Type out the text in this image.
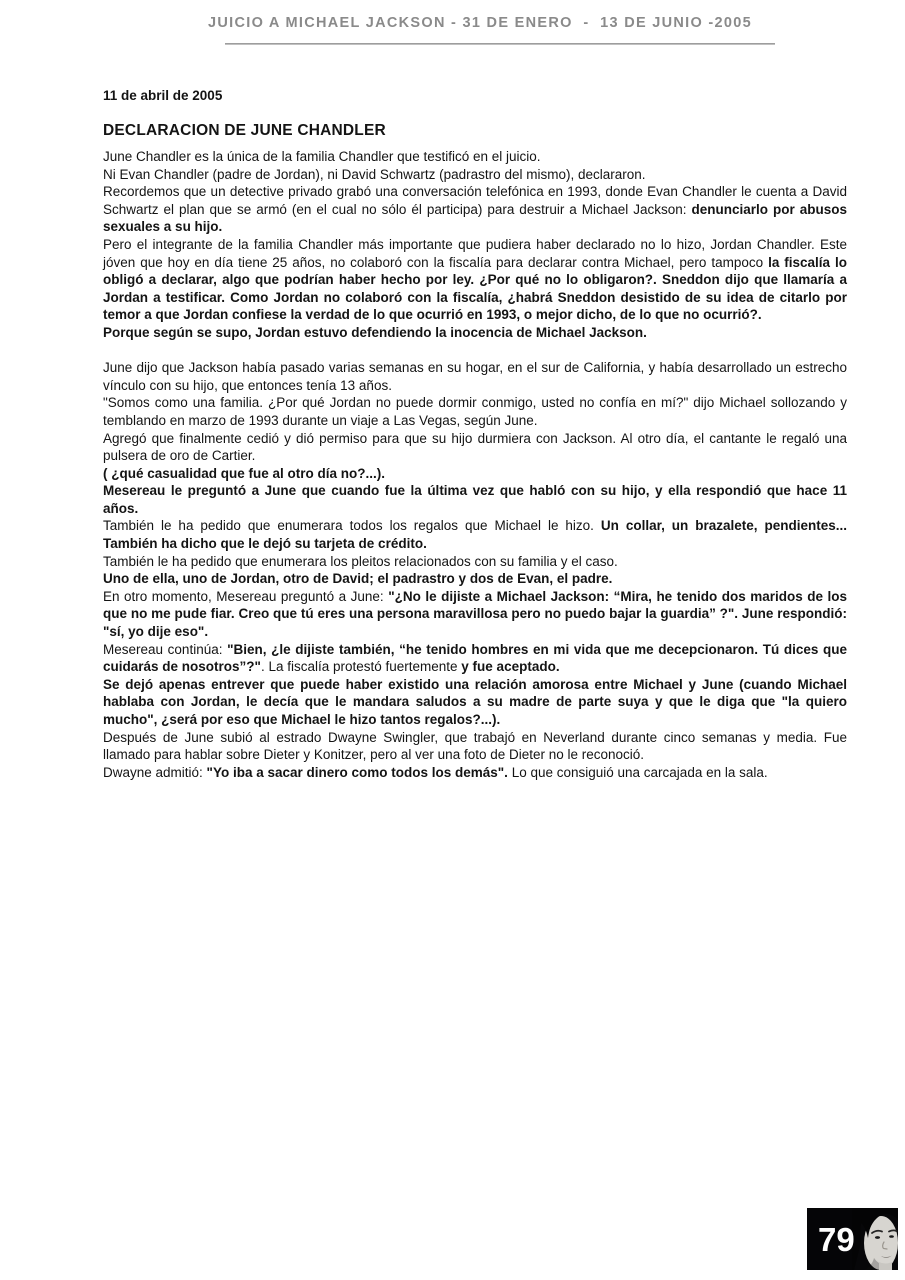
JUICIO A MICHAEL JACKSON - 31 DE ENERO  -  13 DE JUNIO -2005

11 de abril de 2005

DECLARACION DE JUNE CHANDLER

June Chandler es la única de la familia Chandler que testificó en el juicio.

Ni Evan Chandler (padre de Jordan), ni David Schwartz (padrastro del mismo), declararon.

Recordemos que un detective privado grabó una conversación telefónica en 1993, donde Evan Chandler le cuenta a David Schwartz el plan que se armó (en el cual no sólo él participa) para destruir a Michael Jackson: denunciarlo por abusos sexuales a su hijo.

Pero el integrante de la familia Chandler más importante que pudiera haber declarado no lo hizo, Jordan Chandler. Este jóven que hoy en día tiene 25 años, no colaboró con la fiscalía para declarar contra Michael, pero tampoco la fiscalía lo obligó a declarar, algo que podrían haber hecho por ley. ¿Por qué no lo obligaron?. Sneddon dijo que llamaría a Jordan a testificar. Como Jordan no colaboró con la fiscalía, ¿habrá Sneddon desistido de su idea de citarlo por temor a que Jordan confiese la verdad de lo que ocurrió en 1993, o mejor dicho, de lo que no ocurrió?.

Porque según se supo, Jordan estuvo defendiendo la inocencia de Michael Jackson.

June dijo que Jackson había pasado varias semanas en su hogar, en el sur de California, y había desarrollado un estrecho vínculo con su hijo, que entonces tenía 13 años.

"Somos como una familia. ¿Por qué Jordan no puede dormir conmigo, usted no confía en mí?" dijo Michael sollozando y temblando en marzo de 1993 durante un viaje a Las Vegas, según June.

Agregó que finalmente cedió y dió permiso para que su hijo durmiera con Jackson. Al otro día, el cantante le regaló una pulsera de oro de Cartier.

( ¿qué casualidad que fue al otro día no?...).

Mesereau le preguntó a June que cuando fue la última vez que habló con su hijo, y ella respondió que hace 11 años.

También le ha pedido que enumerara todos los regalos que Michael le hizo. Un collar, un brazalete, pendientes... También ha dicho que le dejó su tarjeta de crédito.

También le ha pedido que enumerara los pleitos relacionados con su familia y el caso.

Uno de ella, uno de Jordan, otro de David; el padrastro y dos de Evan, el padre.

En otro momento, Mesereau preguntó a June: "¿No le dijiste a Michael Jackson: “Mira, he tenido dos maridos de los que no me pude fiar. Creo que tú eres una persona maravillosa pero no puedo bajar la guardia” ?". June respondió: "sí, yo dije eso".

Mesereau continúa: "Bien, ¿le dijiste también, “he tenido hombres en mi vida que me decepcionaron. Tú dices que cuidarás de nosotros”?". La fiscalía protestó fuertemente y fue aceptado.

Se dejó apenas entrever que puede haber existido una relación amorosa entre Michael y June (cuando Michael hablaba con Jordan, le decía que le mandara saludos a su madre de parte suya y que le diga que "la quiero mucho", ¿será por eso que Michael le hizo tantos regalos?...).

Después de June subió al estrado Dwayne Swingler, que trabajó en Neverland durante cinco semanas y media. Fue llamado para hablar sobre Dieter y Konitzer, pero al ver una foto de Dieter no le reconoció.

Dwayne admitió: "Yo iba a sacar dinero como todos los demás". Lo que consiguió una carcajada en la sala.

79
